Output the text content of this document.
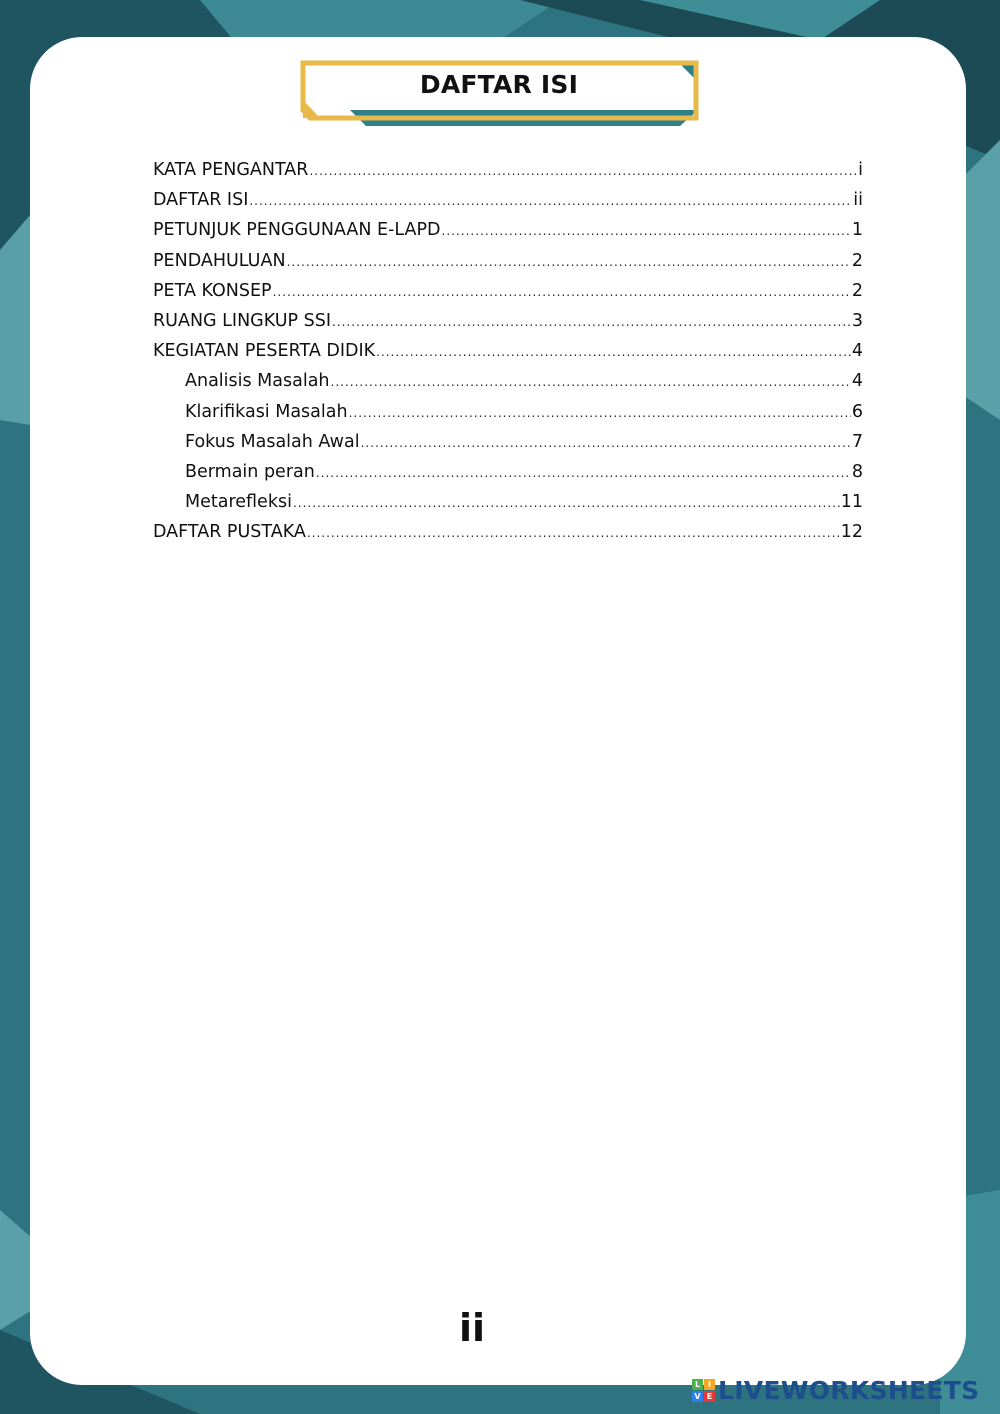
DAFTAR ISI
KATA PENGANTAR .....	i
DAFTAR ISI .....	ii
PETUNJUK PENGGUNAAN E-LAPD .....	1
PENDAHULUAN .....	2
PETA KONSEP .....	2
RUANG LINGKUP SSI .....	3
KEGIATAN PESERTA DIDIK .....	4
Analisis Masalah .....	4
Klarifikasi Masalah .....	6
Fokus Masalah Awal .....	7
Bermain peran .....	8
Metarefleksi .....	11
DAFTAR PUSTAKA .....	12
ii
L I
V E LIVEWORKSHEETS
